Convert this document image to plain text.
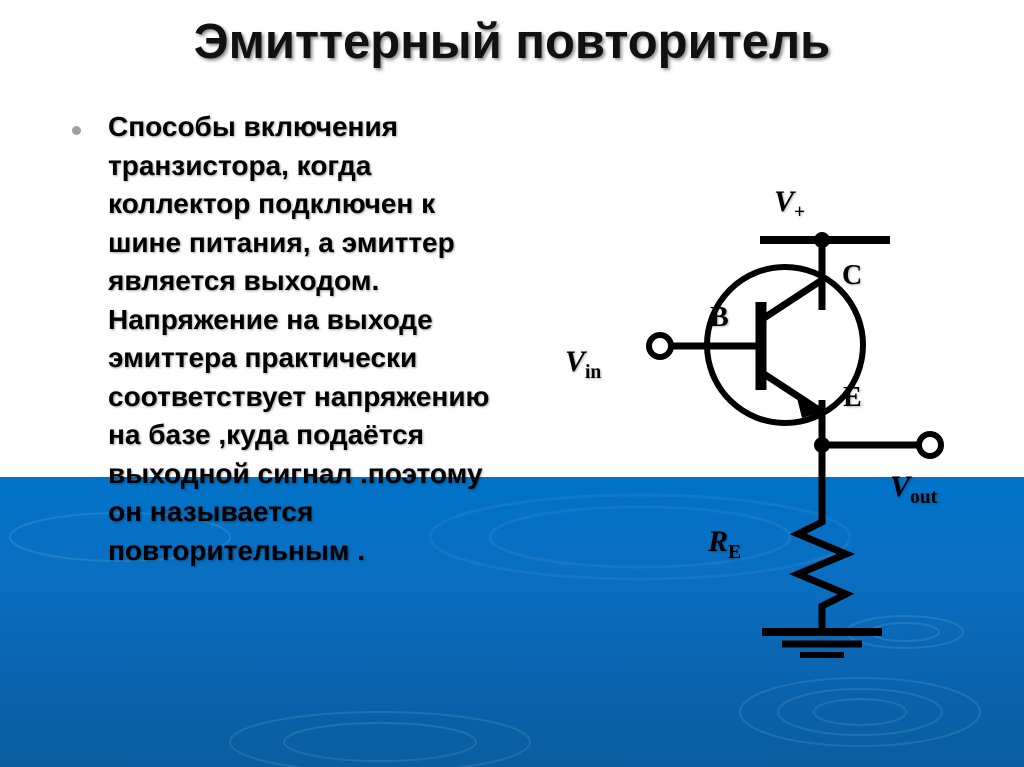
Эмиттерный повторитель
Способы включения транзистора, когда коллектор подключен к шине питания, а эмиттер является выходом. Напряжение на выходе эмиттера практически соответствует напряжению на базе ,куда подаётся выходной сигнал .поэтому он называется повторительным .
$V_+$
C
B
E
$V_{in}$
$V_{out}$
$R_E$
